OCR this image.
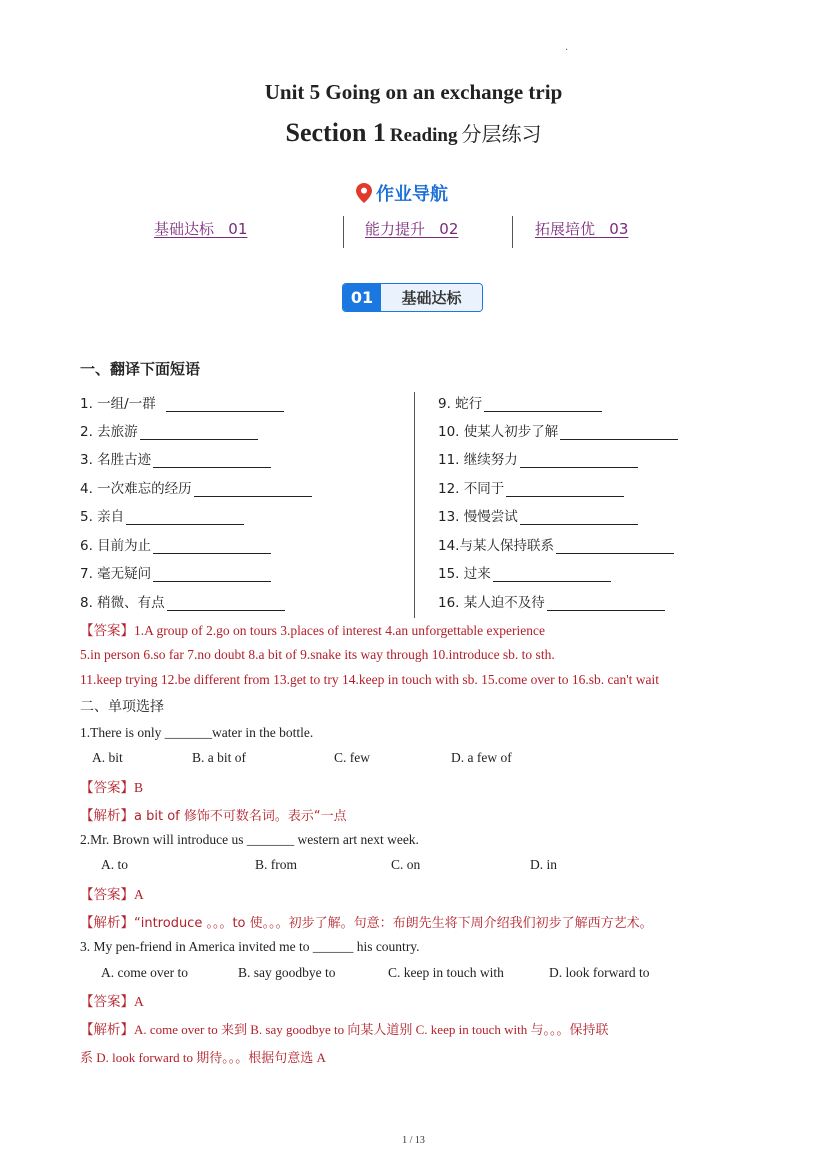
.
Unit 5 Going on an exchange trip
Section 1 Reading 分层练习
作业导航
基础达标   01	能力提升   02	拓展培优   03
01	基础达标
一、翻译下面短语
1. 一组/一群
2. 去旅游
3. 名胜古迹
4. 一次难忘的经历
5. 亲自
6. 目前为止
7. 毫无疑问
8. 稍微、有点
9. 蛇行
10. 使某人初步了解
11. 继续努力
12. 不同于
13. 慢慢尝试
14.与某人保持联系
15. 过来
16. 某人迫不及待
【答案】1.A group of 2.go on tours 3.places of interest 4.an unforgettable experience
5.in person 6.so far 7.no doubt 8.a bit of 9.snake its way through 10.introduce sb. to sth.
11.keep trying 12.be different from 13.get to try 14.keep in touch with sb. 15.come over to 16.sb. can't wait
二、单项选择
1.There is only _______water in the bottle.
A. bit	B. a bit of	C. few	D. a few of
【答案】B
【解析】a bit of 修饰不可数名词。表示“一点
2.Mr. Brown will introduce us _______ western art next week.
A. to	B. from	C. on	D. in
【答案】A
【解析】“introduce 。。。to 使。。。初步了解。句意：布朗先生将下周介绍我们初步了解西方艺术。
3. My pen-friend in America invited me to ______ his country.
A. come over to	B. say goodbye to	C. keep in touch with	D. look forward to
【答案】A
【解析】A. come over to 来到 B. say goodbye to 向某人道别 C. keep in touch with 与。。。保持联
系 D. look forward to 期待。。。根据句意选 A
1 / 13
